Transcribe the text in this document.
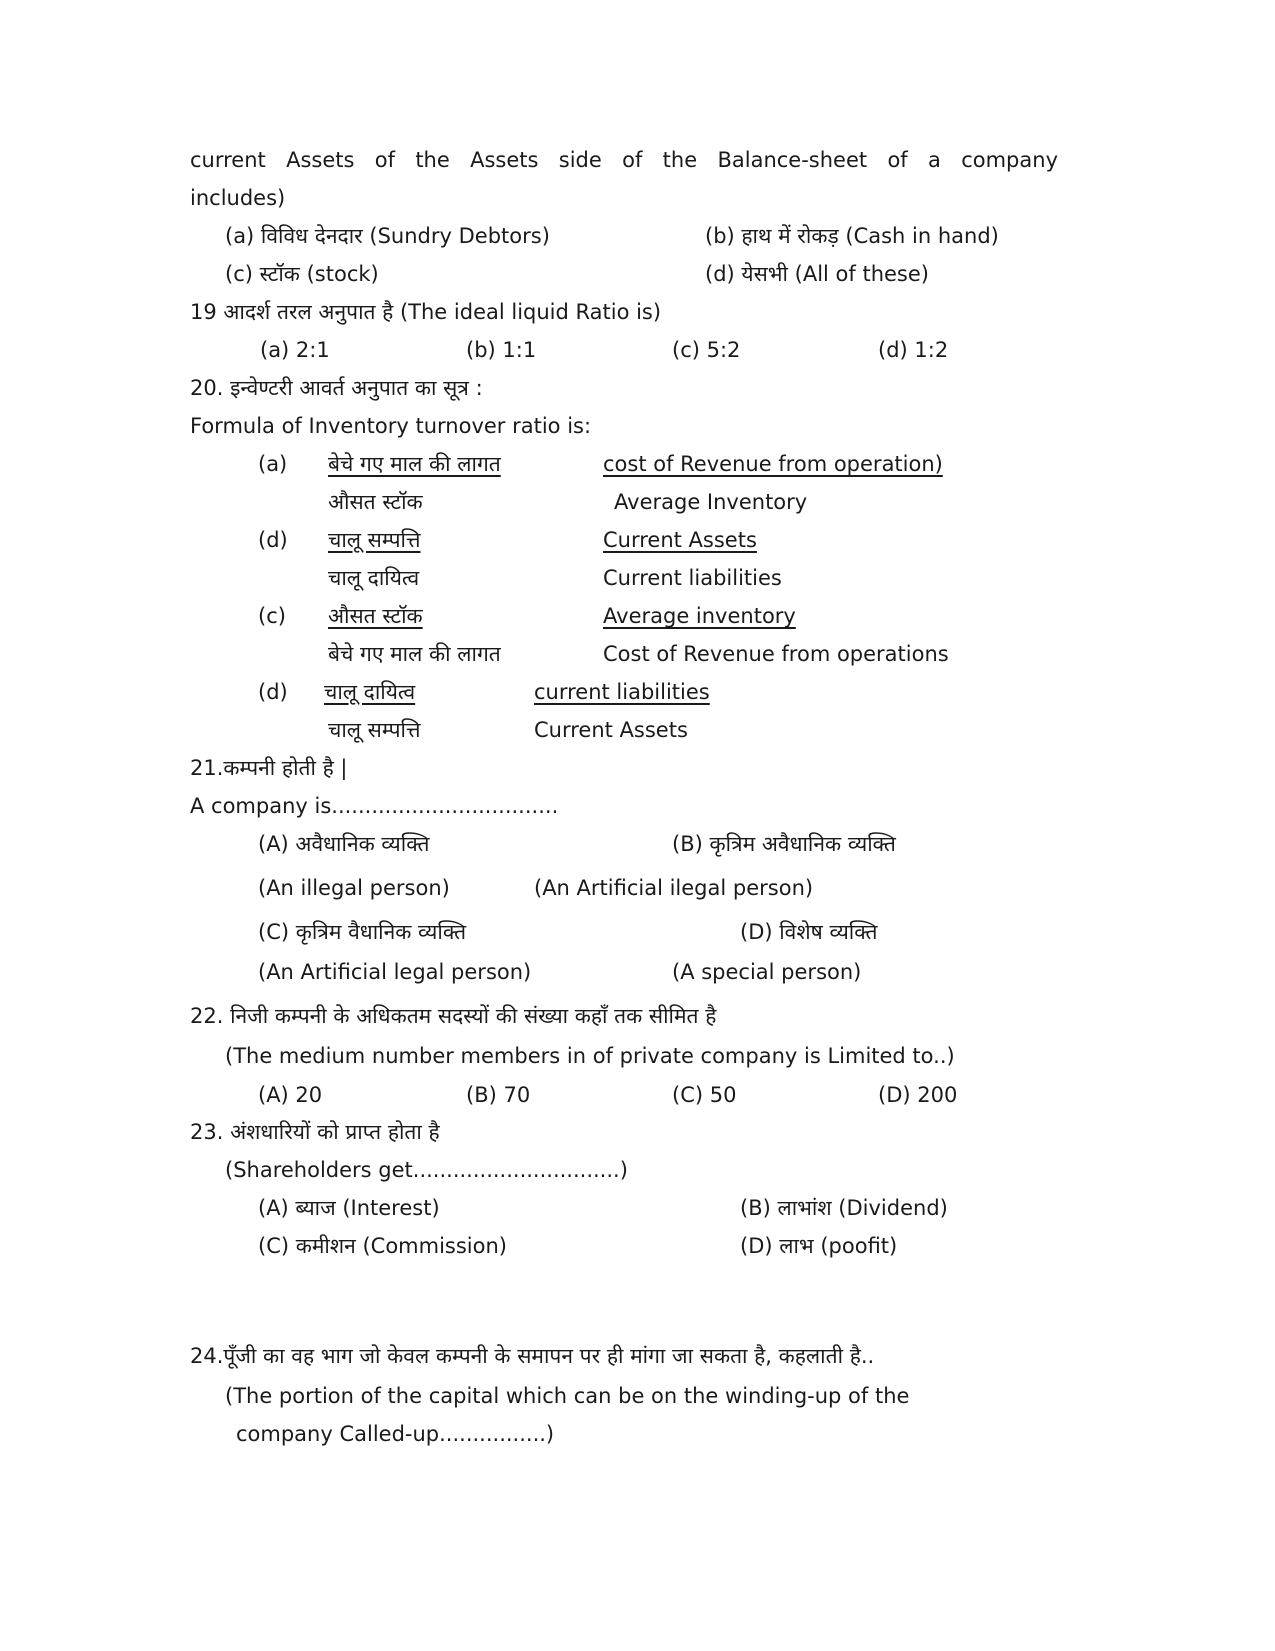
current Assets of the Assets side of the Balance-sheet of a company
includes)
(a) विविध देनदार (Sundry Debtors)	(b) हाथ में रोकड़ (Cash in hand)
(c) स्टॉक (stock)	(d) येसभी (All of these)
19 आदर्श तरल अनुपात है (The ideal liquid Ratio is)
(a) 2:1	(b) 1:1	(c) 5:2	(d) 1:2
20. इन्वेण्टरी आवर्त अनुपात का सूत्र :
Formula of Inventory turnover ratio is:
(a) बेचे गए माल की लागत
औसत स्टॉक
cost of Revenue from operation)
Average Inventory
(d) चालू सम्पत्ति
चालू दायित्व
Current Assets
Current liabilities
(c) औसत स्टॉक
बेचे गए माल की लागत
Average inventory
Cost of Revenue from operations
(d)	चालू दायित्व
चालू सम्पत्ति
current liabilities
Current Assets
21.कम्पनी होती है |
A company is..................................
(A) अवैधानिक व्यक्ति	(B) कृत्रिम अवैधानिक व्यक्ति
(An illegal person)	(An Artificial ilegal person)
(C) कृत्रिम वैधानिक व्यक्ति	(D) विशेष व्यक्ति
(An Artificial legal person)	(A special person)
22. निजी कम्पनी के अधिकतम सदस्यों की संख्या कहाँ तक सीमित है
(The medium number members in of private company is Limited to..)
(A) 20	(B) 70	(C) 50	(D) 200
23. अंशधारियों को प्राप्त होता है
(Shareholders get...............................)
(A) ब्याज (Interest)	(B) लाभांश (Dividend)
(C) कमीशन (Commission)	(D) लाभ (poofit)
24.पूँजी का वह भाग जो केवल कम्पनी के समापन पर ही मांगा जा सकता है, कहलाती है..
(The portion of the capital which can be on the winding-up of the
company Called-up................)
